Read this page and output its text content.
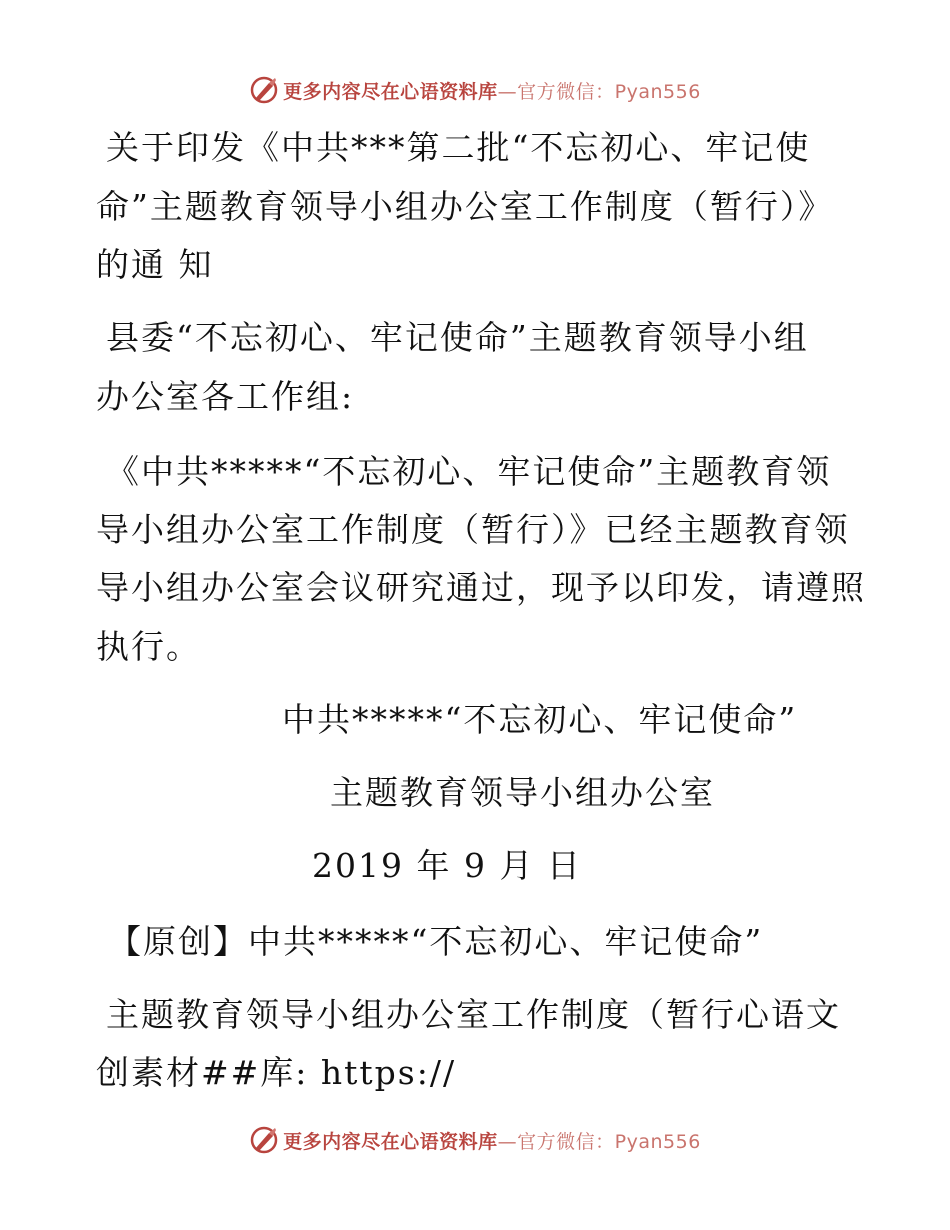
更多内容尽在心语资料库—官方微信：Pyan556
关于印发《中共***第二批“不忘初心、牢记使
命”主题教育领导小组办公室工作制度（暂行）》
的通 知
县委“不忘初心、牢记使命”主题教育领导小组
办公室各工作组:
《中共*****“不忘初心、牢记使命”主题教育领
导小组办公室工作制度（暂行）》已经主题教育领
导小组办公室会议研究通过，现予以印发，请遵照
执行。
中共*****“不忘初心、牢记使命”
主题教育领导小组办公室
2019 年 9 月 日
【原创】中共*****“不忘初心、牢记使命”
主题教育领导小组办公室工作制度（暂行心语文
创素材##库: https://
更多内容尽在心语资料库—官方微信：Pyan556
